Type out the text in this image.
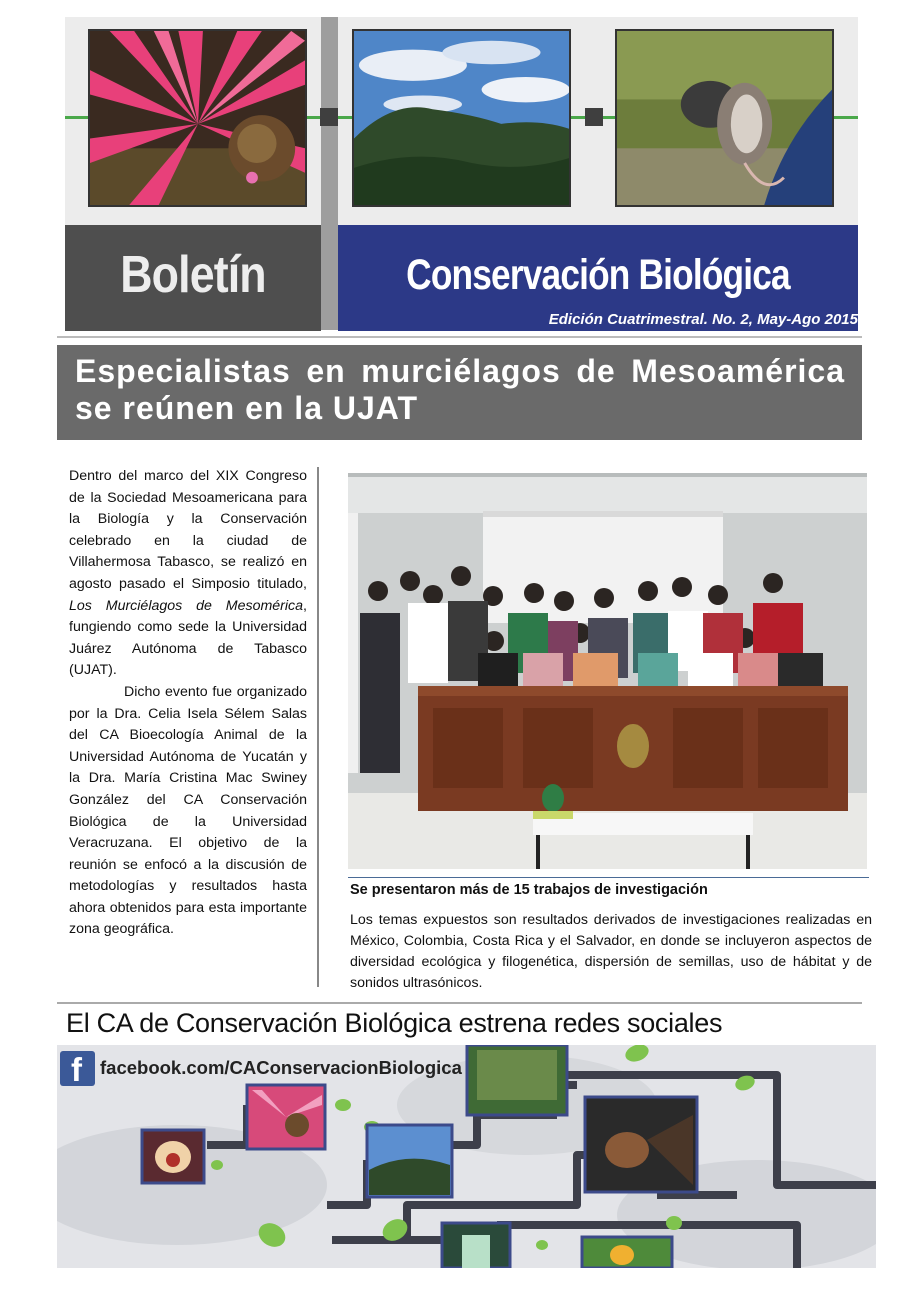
Boletín	Conservación Biológica
Edición Cuatrimestral. No. 2, May-Ago 2015
Especialistas en murciélagos de Mesoamérica se reúnen en la UJAT

Dentro del marco del XIX Congreso de la Sociedad Mesoamericana para la Biología y la Conservación celebrado en la ciudad de Villahermosa Tabasco, se realizó en agosto pasado el Simposio titulado, Los Murciélagos de Mesomérica, fungiendo como sede la Universidad Juárez Autónoma de Tabasco (UJAT).

Dicho evento fue organizado por la Dra. Celia Isela Sélem Salas del CA Bioecología Animal de la Universidad Autónoma de Yucatán y la Dra. María Cristina Mac Swiney González del CA Conservación Biológica de la Universidad Veracruzana. El objetivo de la reunión se enfocó a la discusión de metodologías y resultados hasta ahora obtenidos para esta importante zona geográfica.

Se presentaron más de 15 trabajos de investigación
Los temas expuestos son resultados derivados de investigaciones realizadas en México, Colombia, Costa Rica y el Salvador, en donde se incluyeron aspectos de diversidad ecológica y filogenética, dispersión de semillas, uso de hábitat y de sonidos ultrasónicos.
El CA de Conservación Biológica estrena redes sociales
f facebook.com/CAConservacionBiologica
